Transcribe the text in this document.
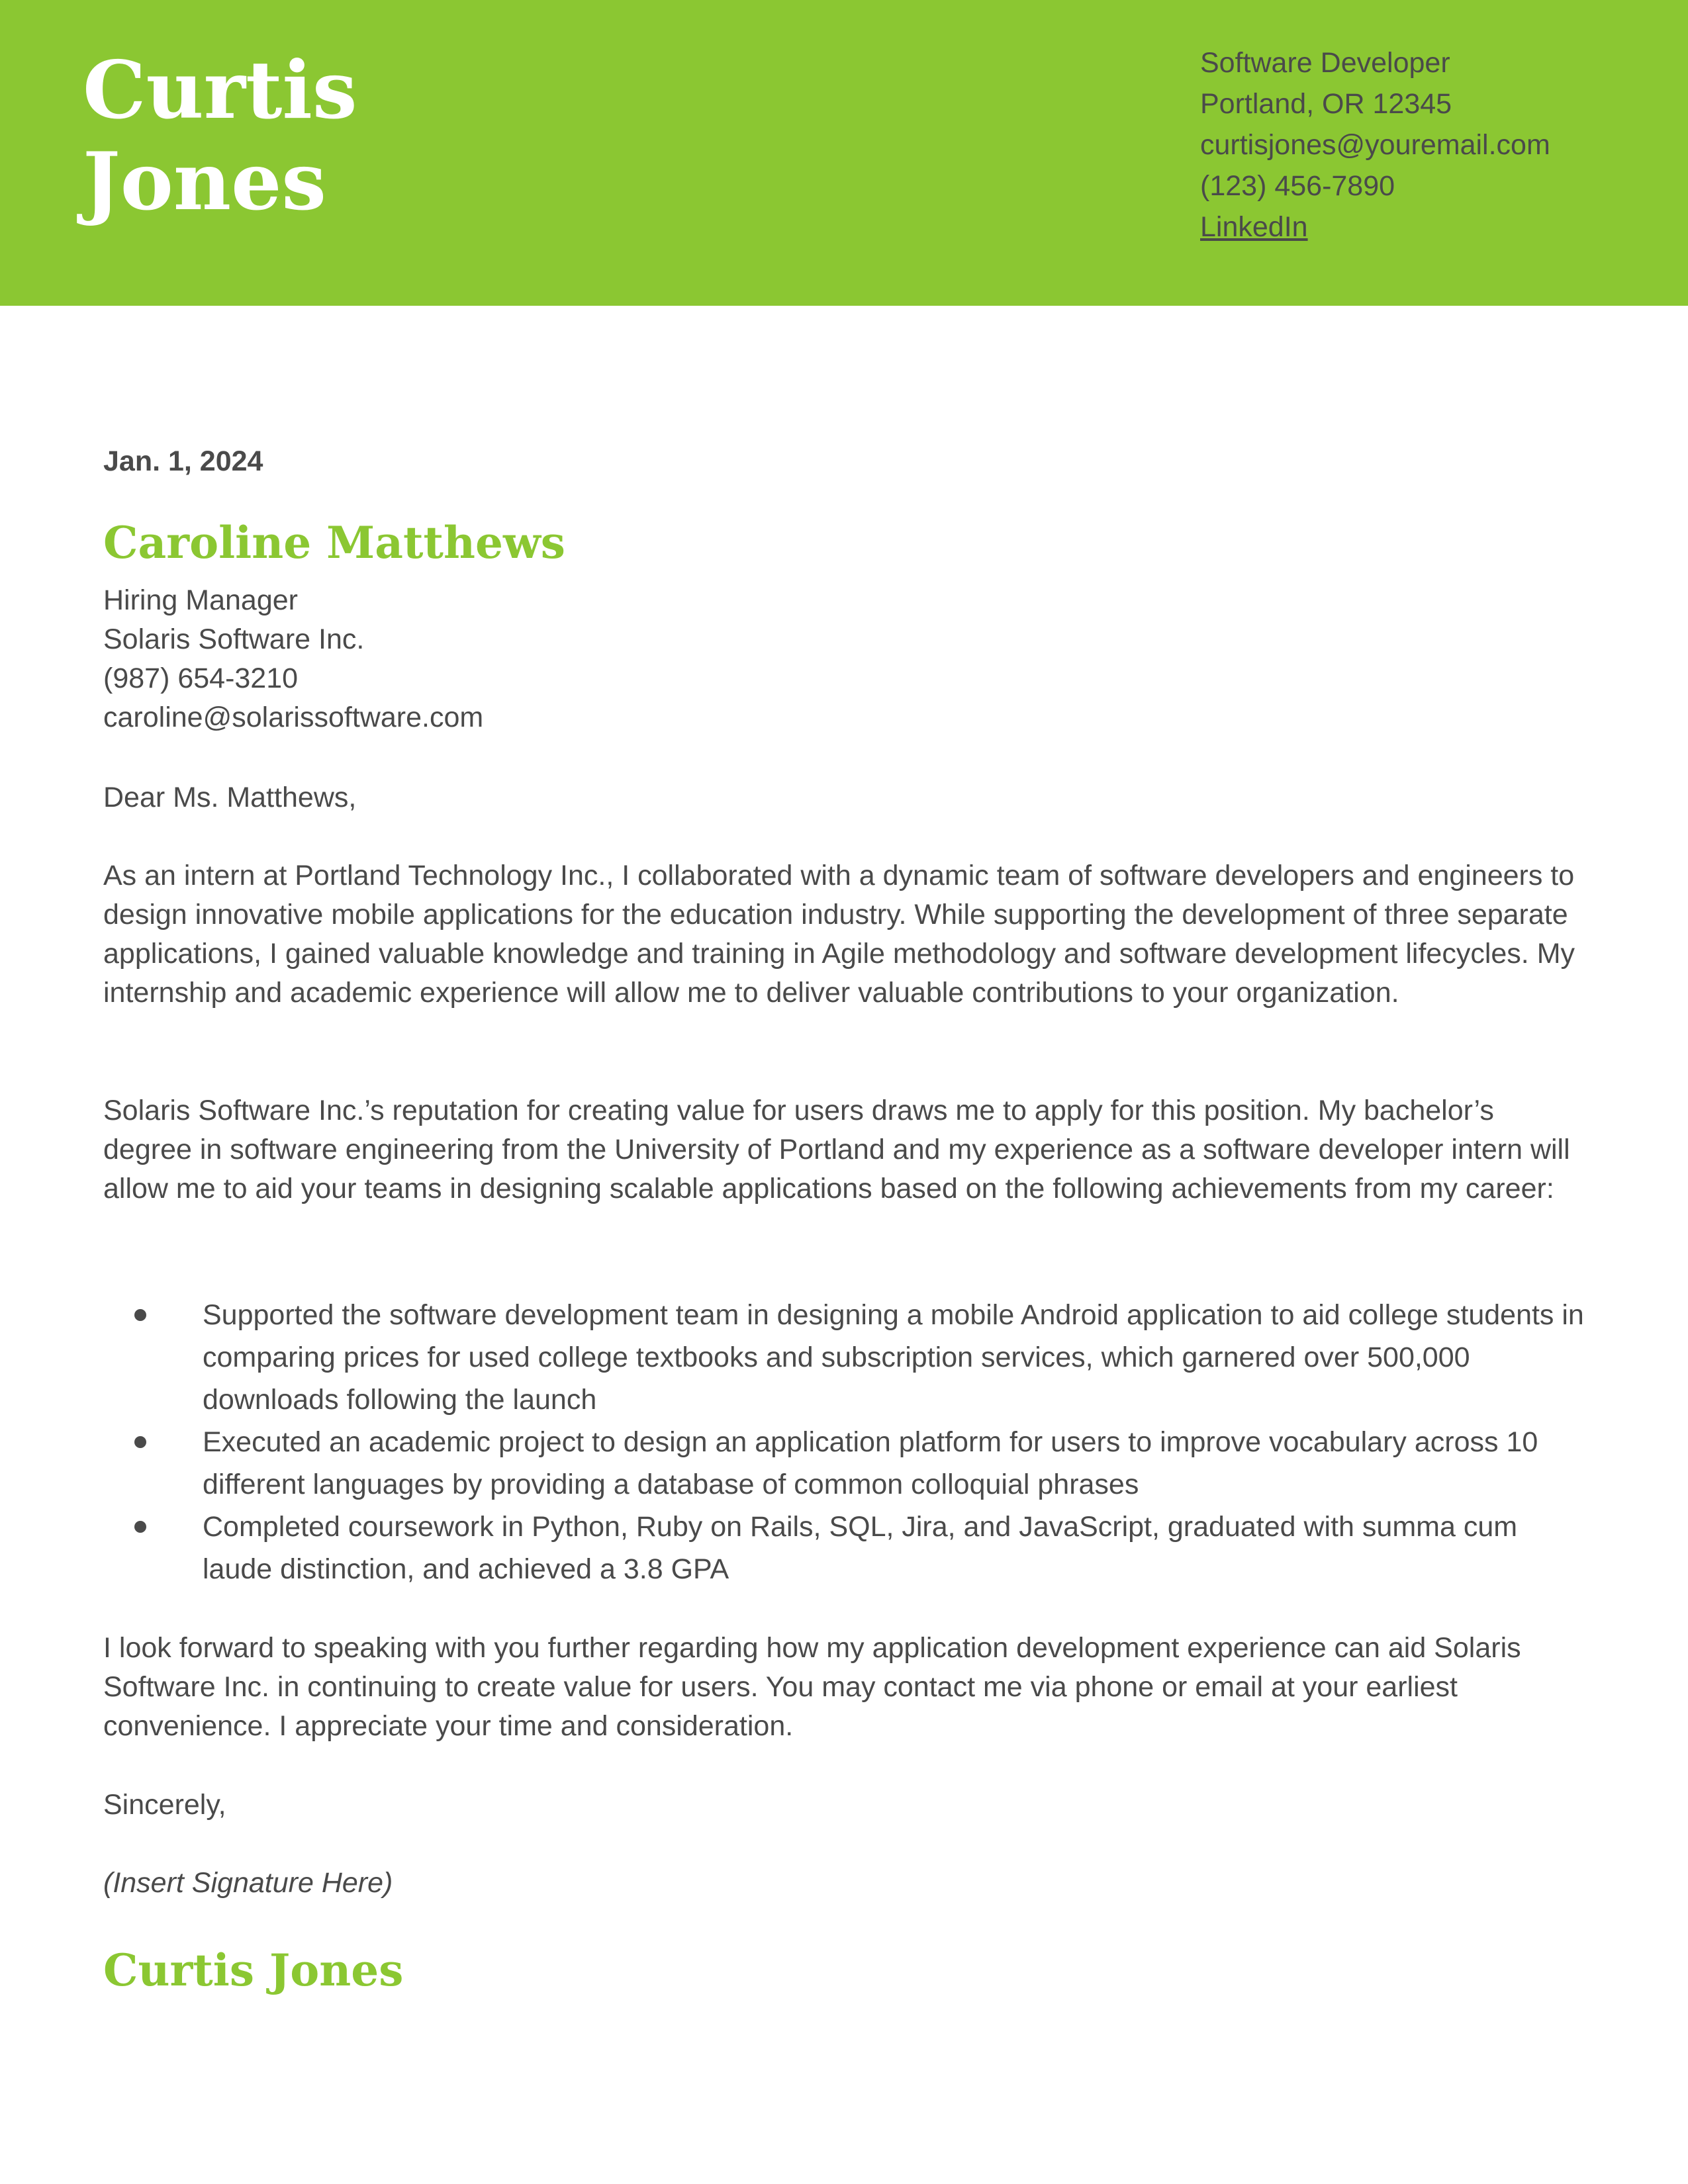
Curtis
Jones
Software Developer
Portland, OR 12345
curtisjones@youremail.com
(123) 456-7890
LinkedIn
Jan. 1, 2024
Caroline Matthews
Hiring Manager
Solaris Software Inc.
(987) 654-3210
caroline@solarissoftware.com
Dear Ms. Matthews,
As an intern at Portland Technology Inc., I collaborated with a dynamic team of software developers and engineers to design innovative mobile applications for the education industry. While supporting the development of three separate applications, I gained valuable knowledge and training in Agile methodology and software development lifecycles. My internship and academic experience will allow me to deliver valuable contributions to your organization.
Solaris Software Inc.’s reputation for creating value for users draws me to apply for this position. My bachelor’s degree in software engineering from the University of Portland and my experience as a software developer intern will allow me to aid your teams in designing scalable applications based on the following achievements from my career:
Supported the software development team in designing a mobile Android application to aid college students in comparing prices for used college textbooks and subscription services, which garnered over 500,000 downloads following the launch
Executed an academic project to design an application platform for users to improve vocabulary across 10 different languages by providing a database of common colloquial phrases
Completed coursework in Python, Ruby on Rails, SQL, Jira, and JavaScript, graduated with summa cum laude distinction, and achieved a 3.8 GPA
I look forward to speaking with you further regarding how my application development experience can aid Solaris Software Inc. in continuing to create value for users. You may contact me via phone or email at your earliest convenience. I appreciate your time and consideration.
Sincerely,
(Insert Signature Here)
Curtis Jones
